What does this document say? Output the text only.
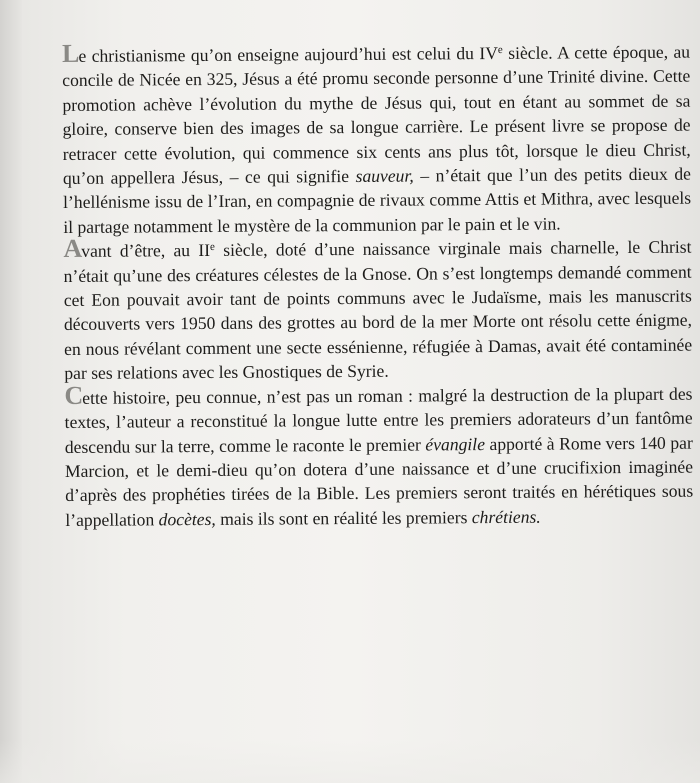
Le christianisme qu’on enseigne aujourd’hui est celui du IVe siècle. A cette époque, au concile de Nicée en 325, Jésus a été promu seconde personne d’une Trinité divine. Cette promotion achève l’évolution du mythe de Jésus qui, tout en étant au sommet de sa gloire, conserve bien des images de sa longue carrière. Le présent livre se propose de retracer cette évolution, qui commence six cents ans plus tôt, lorsque le dieu Christ, qu’on appellera Jésus, – ce qui signifie sauveur, – n’était que l’un des petits dieux de l’hellénisme issu de l’Iran, en compagnie de rivaux comme Attis et Mithra, avec lesquels il partage notamment le mystère de la communion par le pain et le vin.

Avant d’être, au IIe siècle, doté d’une naissance virginale mais charnelle, le Christ n’était qu’une des créatures célestes de la Gnose. On s’est longtemps demandé comment cet Eon pouvait avoir tant de points communs avec le Judaïsme, mais les manuscrits découverts vers 1950 dans des grottes au bord de la mer Morte ont résolu cette énigme, en nous révélant comment une secte essénienne, réfugiée à Damas, avait été contaminée par ses relations avec les Gnostiques de Syrie.

Cette histoire, peu connue, n’est pas un roman : malgré la destruction de la plupart des textes, l’auteur a reconstitué la longue lutte entre les premiers adorateurs d’un fantôme descendu sur la terre, comme le raconte le premier évangile apporté à Rome vers 140 par Marcion, et le demi-dieu qu’on dotera d’une naissance et d’une crucifixion imaginée d’après des prophéties tirées de la Bible. Les premiers seront traités en hérétiques sous l’appellation docètes, mais ils sont en réalité les premiers chrétiens.
